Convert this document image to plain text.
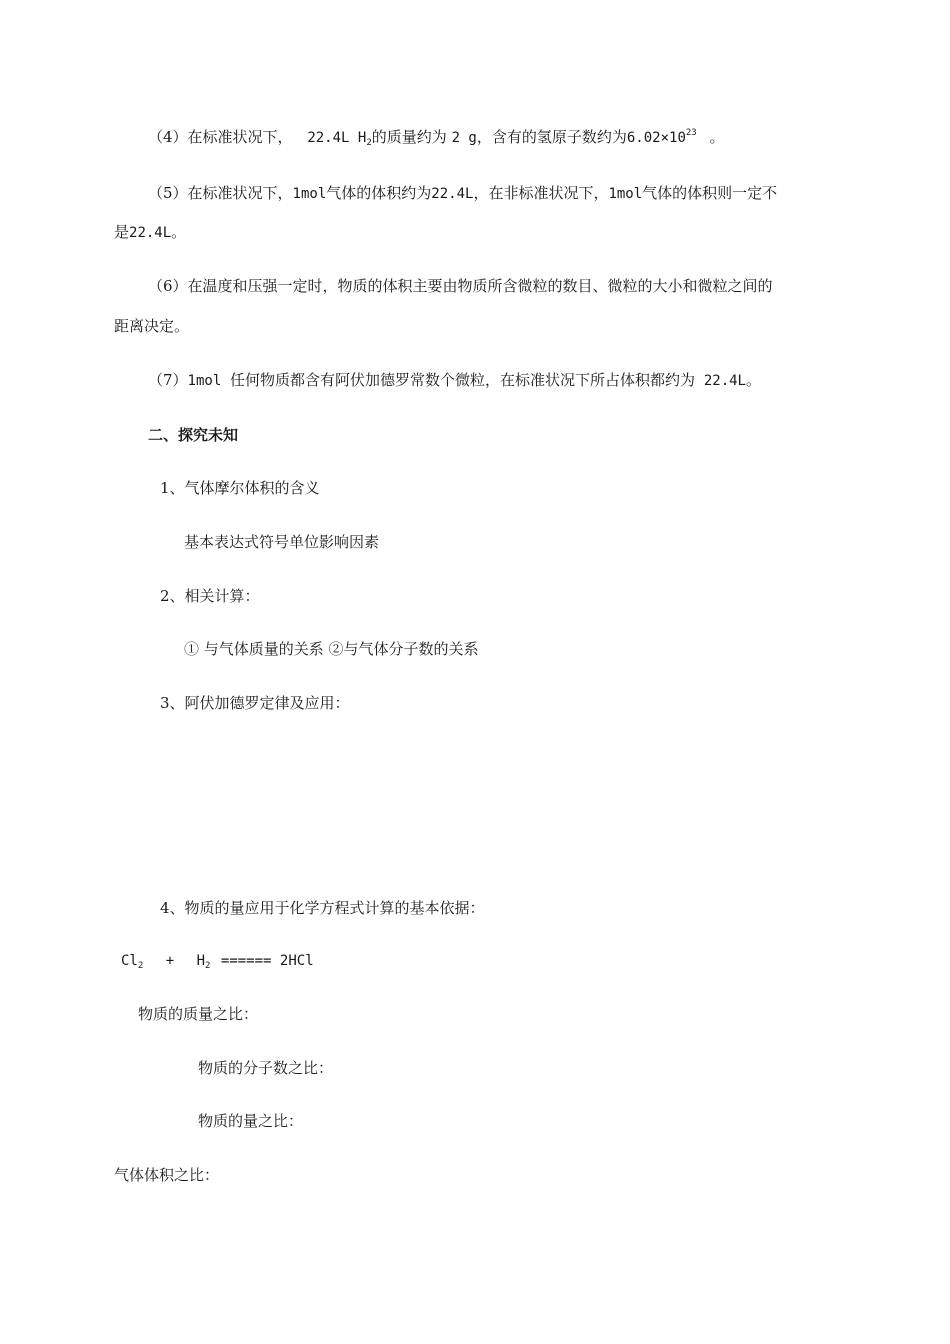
（4）在标准状况下， 22.4L $H_2$的质量约为 2 g，含有的氢原子数约为$6.02\times 10^{23}$ 。
（5）在标准状况下，1mol气体的体积约为22.4L，在非标准状况下，1mol气体的体积则一定不
是22.4L。
（6）在温度和压强一定时，物质的体积主要由物质所含微粒的数目、微粒的大小和微粒之间的
距离决定。
（7）1mol 任何物质都含有阿伏加德罗常数个微粒，在标准状况下所占体积都约为 22.4L。
二、探究未知
1、气体摩尔体积的含义
基本表达式符号单位影响因素
2、相关计算：
① 与气体质量的关系 ②与气体分子数的关系
3、阿伏加德罗定律及应用：
4、物质的量应用于化学方程式计算的基本依据：
$Cl_2 + H_2$ ====== 2HCl
物质的质量之比：
物质的分子数之比：
物质的量之比：
气体体积之比：
